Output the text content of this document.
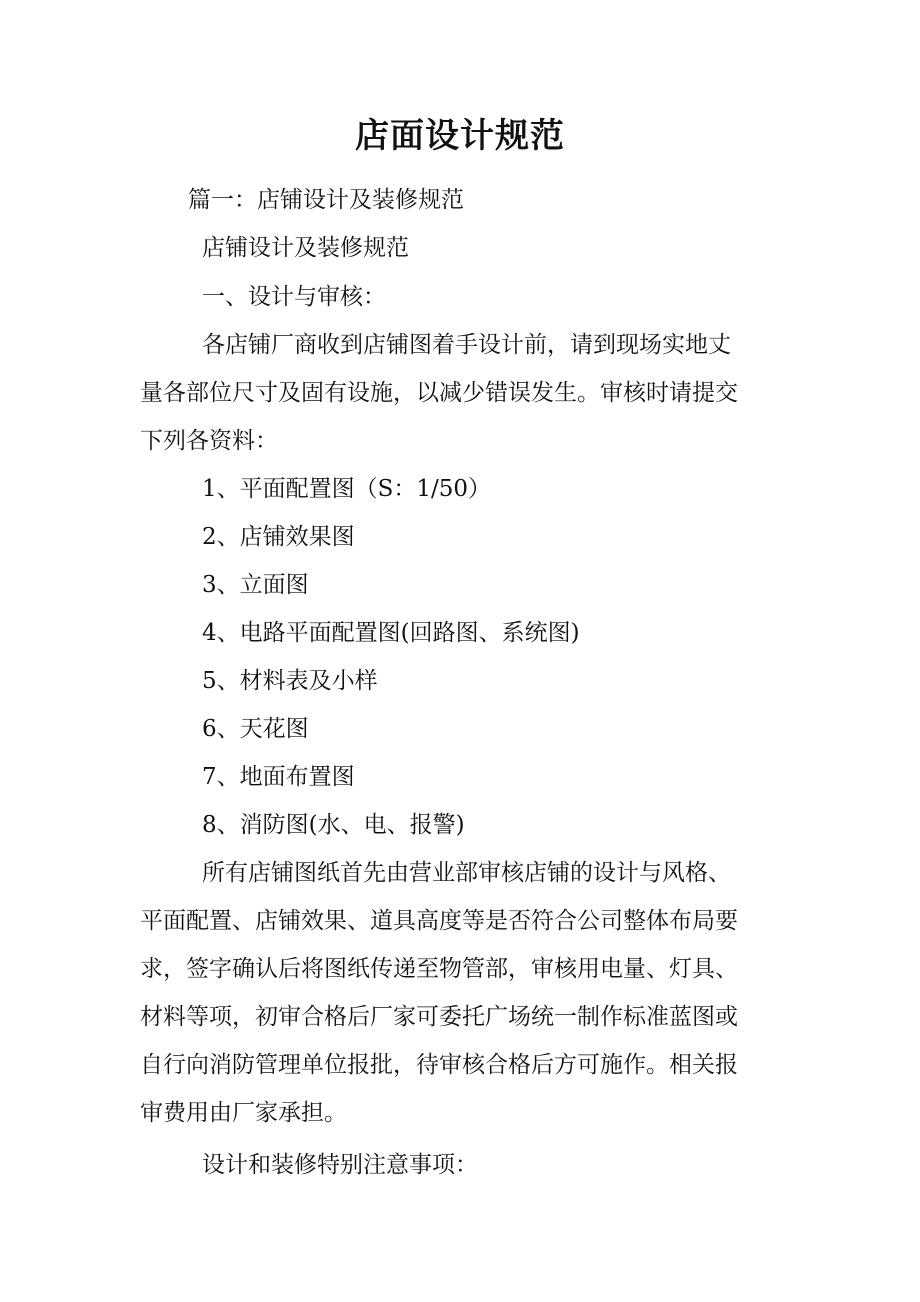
店面设计规范
篇一：店铺设计及装修规范
店铺设计及装修规范
一、设计与审核：
各店铺厂商收到店铺图着手设计前，请到现场实地丈
量各部位尺寸及固有设施，以减少错误发生。审核时请提交
下列各资料：
1、平面配置图（S：1/50）
2、店铺效果图
3、立面图
4、电路平面配置图(回路图、系统图)
5、材料表及小样
6、天花图
7、地面布置图
8、消防图(水、电、报警)
所有店铺图纸首先由营业部审核店铺的设计与风格、
平面配置、店铺效果、道具高度等是否符合公司整体布局要
求，签字确认后将图纸传递至物管部，审核用电量、灯具、
材料等项，初审合格后厂家可委托广场统一制作标准蓝图或
自行向消防管理单位报批，待审核合格后方可施作。相关报
审费用由厂家承担。
设计和装修特别注意事项：
